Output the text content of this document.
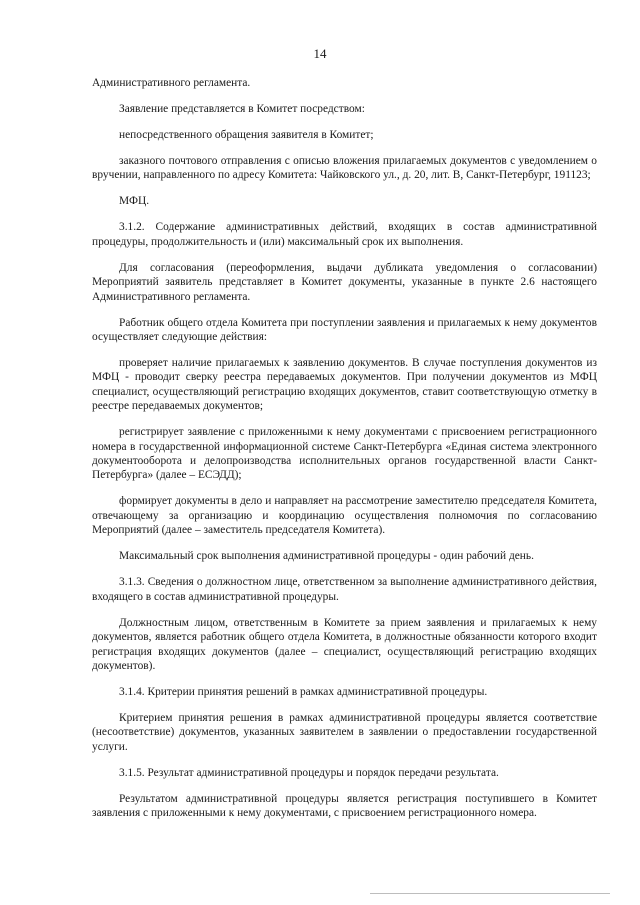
14

Административного регламента.

Заявление представляется в Комитет посредством:

непосредственного обращения заявителя в Комитет;

заказного почтового отправления с описью вложения прилагаемых документов с уведомлением о вручении, направленного по адресу Комитета: Чайковского ул., д. 20, лит. В, Санкт-Петербург, 191123;

МФЦ.

3.1.2. Содержание административных действий, входящих в состав административной процедуры, продолжительность и (или) максимальный срок их выполнения.

Для согласования (переоформления, выдачи дубликата уведомления о согласовании) Мероприятий заявитель представляет в Комитет документы, указанные в пункте 2.6 настоящего Административного регламента.

Работник общего отдела Комитета при поступлении заявления и прилагаемых к нему документов осуществляет следующие действия:

проверяет наличие прилагаемых к заявлению документов. В случае поступления документов из МФЦ - проводит сверку реестра передаваемых документов. При получении документов из МФЦ специалист, осуществляющий регистрацию входящих документов, ставит соответствующую отметку в реестре передаваемых документов;

регистрирует заявление с приложенными к нему документами с присвоением регистрационного номера в государственной информационной системе Санкт-Петербурга «Единая система электронного документооборота и делопроизводства исполнительных органов государственной власти Санкт-Петербурга» (далее – ЕСЭДД);

формирует документы в дело и направляет на рассмотрение заместителю председателя Комитета, отвечающему за организацию и координацию осуществления полномочия по согласованию Мероприятий (далее – заместитель председателя Комитета).

Максимальный срок выполнения административной процедуры - один рабочий день.

3.1.3. Сведения о должностном лице, ответственном за выполнение административного действия, входящего в состав административной процедуры.

Должностным лицом, ответственным в Комитете за прием заявления и прилагаемых к нему документов, является работник общего отдела Комитета, в должностные обязанности которого входит регистрация входящих документов (далее – специалист, осуществляющий регистрацию входящих документов).

3.1.4. Критерии принятия решений в рамках административной процедуры.

Критерием принятия решения в рамках административной процедуры является соответствие (несоответствие) документов, указанных заявителем в заявлении о предоставлении государственной услуги.

3.1.5. Результат административной процедуры и порядок передачи результата.

Результатом административной процедуры является регистрация поступившего в Комитет заявления с приложенными к нему документами, с присвоением регистрационного номера.
